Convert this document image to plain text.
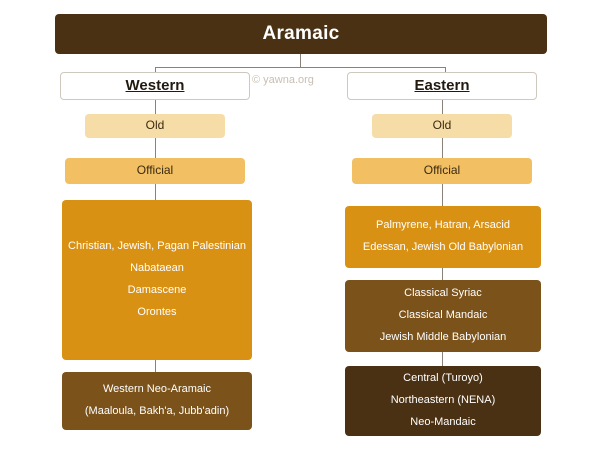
Aramaic
© yawna.org
Western
Old
Official
Christian, Jewish, Pagan Palestinian
Nabataean
Damascene
Orontes
Western Neo-Aramaic
(Maaloula, Bakh'a, Jubb'adin)
Eastern
Old
Official
Palmyrene, Hatran, Arsacid
Edessan, Jewish Old Babylonian
Classical Syriac
Classical Mandaic
Jewish Middle Babylonian
Central (Turoyo)
Northeastern (NENA)
Neo-Mandaic
